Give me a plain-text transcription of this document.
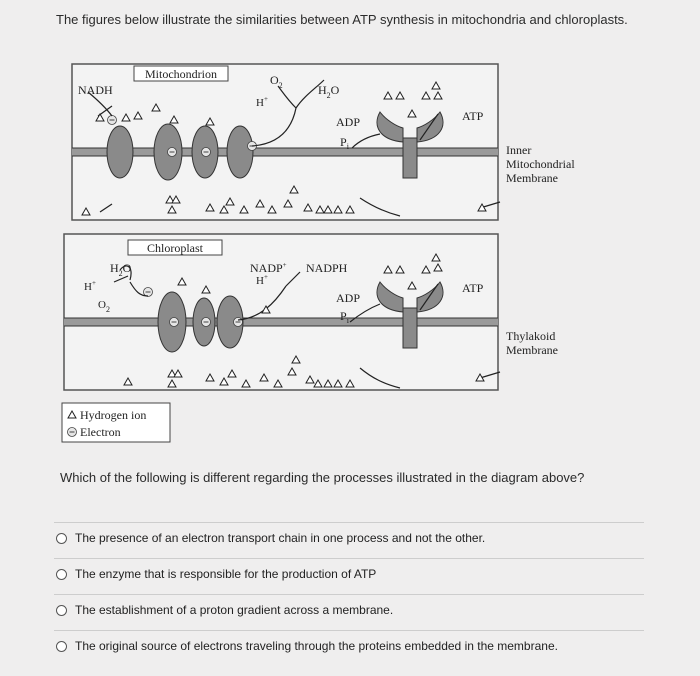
The figures below illustrate the similarities between ATP synthesis in mitochondria and chloroplasts.
Mitochondrion
NADH
$O_2$
H+
$H_2O$
ADP
$P_i$
ATP
Inner
Mitochondrial
Membrane
Chloroplast
$H_2O$
H+
$O_2$
NADP+ NADPH
H+
ADP
$P_i$
ATP
Thylakoid
Membrane
Hydrogen ion
Electron
Which of the following is different regarding the processes illustrated in the diagram above?
The presence of an electron transport chain in one process and not the other.
The enzyme that is responsible for the production of ATP
The establishment of a proton gradient across a membrane.
The original source of electrons traveling through the proteins embedded in the membrane.
